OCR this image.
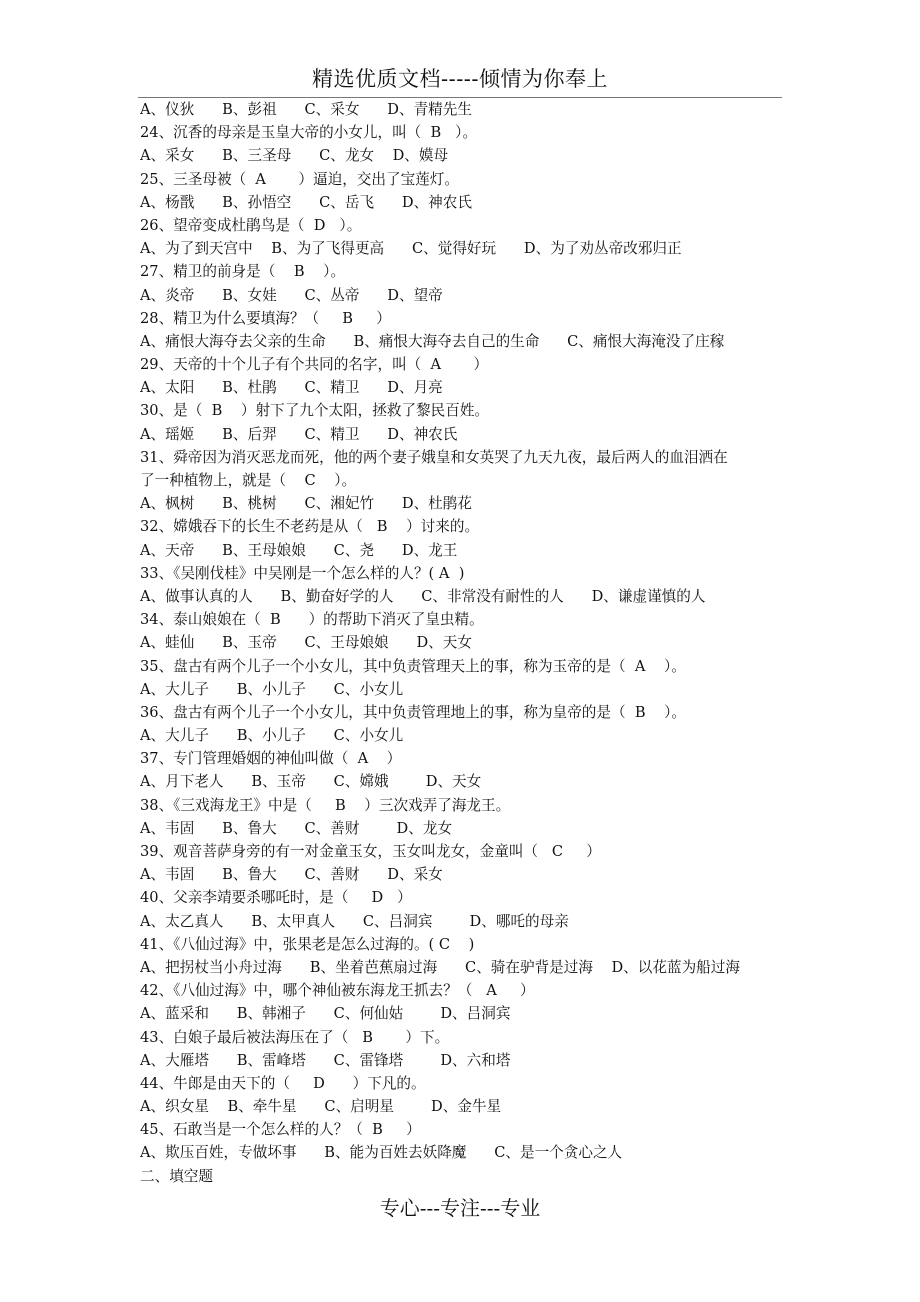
精选优质文档-----倾情为你奉上
A、仪狄      B、彭祖      C、采女      D、青精先生
24、沉香的母亲是玉皇大帝的小女儿，叫（  B   ）。
A、采女      B、三圣母      C、龙女    D、嫫母
25、三圣母被（  A       ）逼迫，交出了宝莲灯。
A、杨戬      B、孙悟空      C、岳飞      D、神农氏
26、望帝变成杜鹃鸟是（  D   ）。
A、为了到天宫中    B、为了飞得更高      C、觉得好玩      D、为了劝丛帝改邪归正
27、精卫的前身是（    B    ）。
A、炎帝      B、女娃      C、丛帝      D、望帝
28、精卫为什么要填海？（     B     ）
A、痛恨大海夺去父亲的生命      B、痛恨大海夺去自己的生命      C、痛恨大海淹没了庄稼
29、天帝的十个儿子有个共同的名字，叫（  A       ）
A、太阳      B、杜鹃      C、精卫      D、月亮
30、是（  B    ）射下了九个太阳，拯救了黎民百姓。
A、瑶姬      B、后羿      C、精卫      D、神农氏
31、舜帝因为消灭恶龙而死，他的两个妻子娥皇和女英哭了九天九夜，最后两人的血泪洒在
了一种植物上，就是（    C    ）。
A、枫树      B、桃树      C、湘妃竹      D、杜鹃花
32、嫦娥吞下的长生不老药是从（   B    ）讨来的。
A、天帝      B、王母娘娘      C、尧      D、龙王
33、《吴刚伐桂》中吴刚是一个怎么样的人？( A  )
A、做事认真的人      B、勤奋好学的人      C、非常没有耐性的人      D、谦虚谨慎的人
34、泰山娘娘在（  B      ）的帮助下消灭了皇虫精。
A、蛙仙      B、玉帝      C、王母娘娘      D、天女
35、盘古有两个儿子一个小女儿，其中负责管理天上的事，称为玉帝的是（  A    ）。
A、大儿子      B、小儿子      C、小女儿
36、盘古有两个儿子一个小女儿，其中负责管理地上的事，称为皇帝的是（  B    ）。
A、大儿子      B、小儿子      C、小女儿
37、专门管理婚姻的神仙叫做（  A    ）
A、月下老人      B、玉帝      C、嫦娥        D、天女
38、《三戏海龙王》中是（     B    ）三次戏弄了海龙王。
A、韦固      B、鲁大      C、善财        D、龙女
39、观音菩萨身旁的有一对金童玉女，玉女叫龙女，金童叫（   C     ）
A、韦固      B、鲁大      C、善财      D、采女
40、父亲李靖要杀哪吒时，是（     D   ）
A、太乙真人      B、太甲真人      C、吕洞宾        D、哪吒的母亲
41、《八仙过海》中，张果老是怎么过海的。( C    )
A、把拐杖当小舟过海      B、坐着芭蕉扇过海      C、骑在驴背是过海    D、以花蓝为船过海
42、《八仙过海》中，哪个神仙被东海龙王抓去？（   A     ）
A、蓝采和      B、韩湘子      C、何仙姑        D、吕洞宾
43、白娘子最后被法海压在了（   B       ）下。
A、大雁塔      B、雷峰塔      C、雷锋塔        D、六和塔
44、牛郎是由天下的（     D      ）下凡的。
A、织女星    B、牵牛星      C、启明星        D、金牛星
45、石敢当是一个怎么样的人？（  B     ）
A、欺压百姓，专做坏事      B、能为百姓去妖降魔      C、是一个贪心之人
二、填空题
专心---专注---专业
